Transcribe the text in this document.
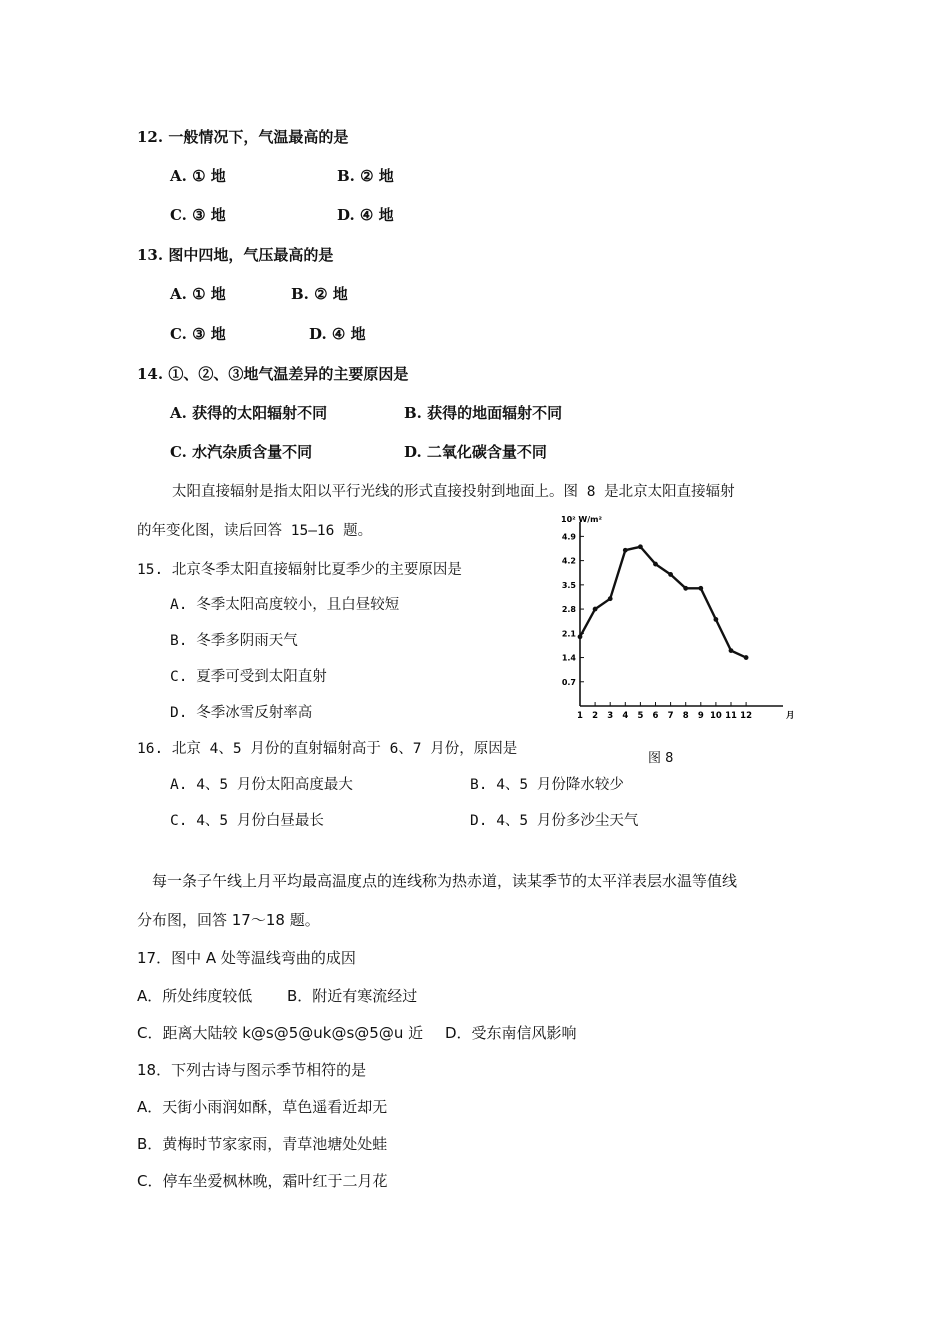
12. 一般情况下，气温最高的是
A. ① 地	B. ② 地
C. ③ 地	D. ④ 地
13. 图中四地，气压最高的是
A. ① 地	B. ② 地
C. ③ 地	D. ④ 地
14. ①、②、③地气温差异的主要原因是
A. 获得的太阳辐射不同	B. 获得的地面辐射不同
C. 水汽杂质含量不同	D. 二氧化碳含量不同
太阳直接辐射是指太阳以平行光线的形式直接投射到地面上。图 8 是北京太阳直接辐射
的年变化图，读后回答 15—16 题。
15. 北京冬季太阳直接辐射比夏季少的主要原因是
A. 冬季太阳高度较小，且白昼较短
B. 冬季多阴雨天气
C. 夏季可受到太阳直射
D. 冬季冰雪反射率高
10² W/m²
0.7
1.4
2.1
2.8
3.5
4.2
4.9
1 2 3 4 5 6 7 8 9 10 11 12	月
图 8
16. 北京 4、5 月份的直射辐射高于 6、7 月份，原因是
A. 4、5 月份太阳高度最大	B. 4、5 月份降水较少
C. 4、5 月份白昼最长	D. 4、5 月份多沙尘天气
每一条子午线上月平均最高温度点的连线称为热赤道，读某季节的太平洋表层水温等值线
分布图，回答 17～18 题。
17．图中 A 处等温线弯曲的成因
A．所处纬度较低 B．附近有寒流经过
C．距离大陆较 k@s@5@uk@s@5@u 近 D．受东南信风影响
18．下列古诗与图示季节相符的是
A．天街小雨润如酥，草色遥看近却无
B．黄梅时节家家雨，青草池塘处处蛙
C．停车坐爱枫林晚，霜叶红于二月花
